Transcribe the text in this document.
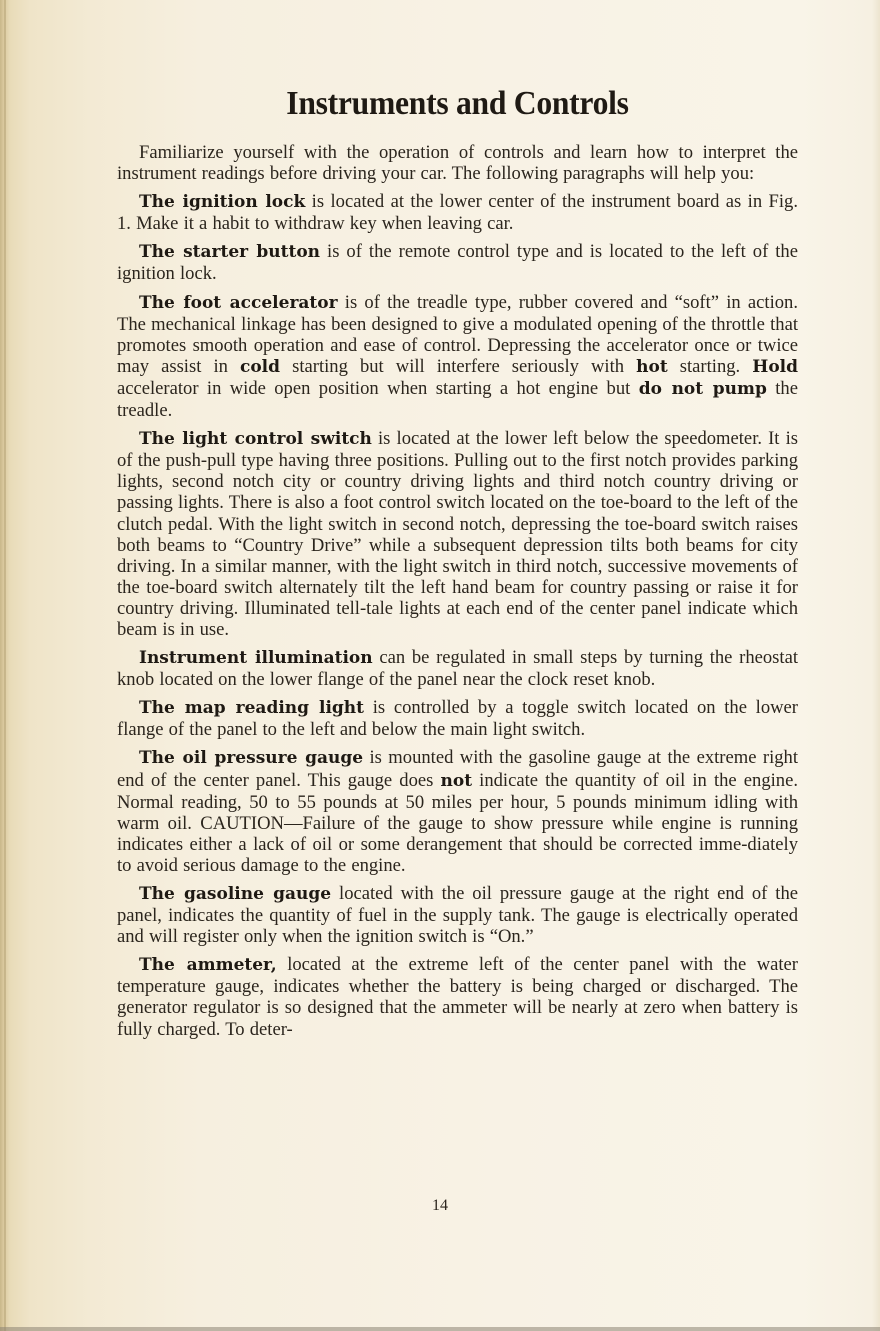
Instruments and Controls

Familiarize yourself with the operation of controls and learn how to interpret the instrument readings before driving your car. The following paragraphs will help you:

The ignition lock is located at the lower center of the instrument board as in Fig. 1. Make it a habit to withdraw key when leaving car.

The starter button is of the remote control type and is located to the left of the ignition lock.

The foot accelerator is of the treadle type, rubber covered and “soft” in action. The mechanical linkage has been designed to give a modulated opening of the throttle that promotes smooth operation and ease of control. Depressing the accelerator once or twice may assist in cold starting but will interfere seriously with hot starting. Hold accelerator in wide open position when starting a hot engine but do not pump the treadle.

The light control switch is located at the lower left below the speedometer. It is of the push-pull type having three positions. Pulling out to the first notch provides parking lights, second notch city or country driving lights and third notch country driving or passing lights. There is also a foot control switch located on the toe-board to the left of the clutch pedal. With the light switch in second notch, depressing the toe-board switch raises both beams to “Country Drive” while a subsequent depression tilts both beams for city driving. In a similar manner, with the light switch in third notch, successive movements of the toe-board switch alternately tilt the left hand beam for country passing or raise it for country driving. Illuminated tell-tale lights at each end of the center panel indicate which beam is in use.

Instrument illumination can be regulated in small steps by turning the rheostat knob located on the lower flange of the panel near the clock reset knob.

The map reading light is controlled by a toggle switch located on the lower flange of the panel to the left and below the main light switch.

The oil pressure gauge is mounted with the gasoline gauge at the extreme right end of the center panel. This gauge does not indicate the quantity of oil in the engine. Normal reading, 50 to 55 pounds at 50 miles per hour, 5 pounds minimum idling with warm oil. CAUTION—Failure of the gauge to show pressure while engine is running indicates either a lack of oil or some derangement that should be corrected imme-diately to avoid serious damage to the engine.

The gasoline gauge located with the oil pressure gauge at the right end of the panel, indicates the quantity of fuel in the supply tank. The gauge is electrically operated and will register only when the ignition switch is “On.”

The ammeter, located at the extreme left of the center panel with the water temperature gauge, indicates whether the battery is being charged or discharged. The generator regulator is so designed that the ammeter will be nearly at zero when battery is fully charged. To deter-

14
